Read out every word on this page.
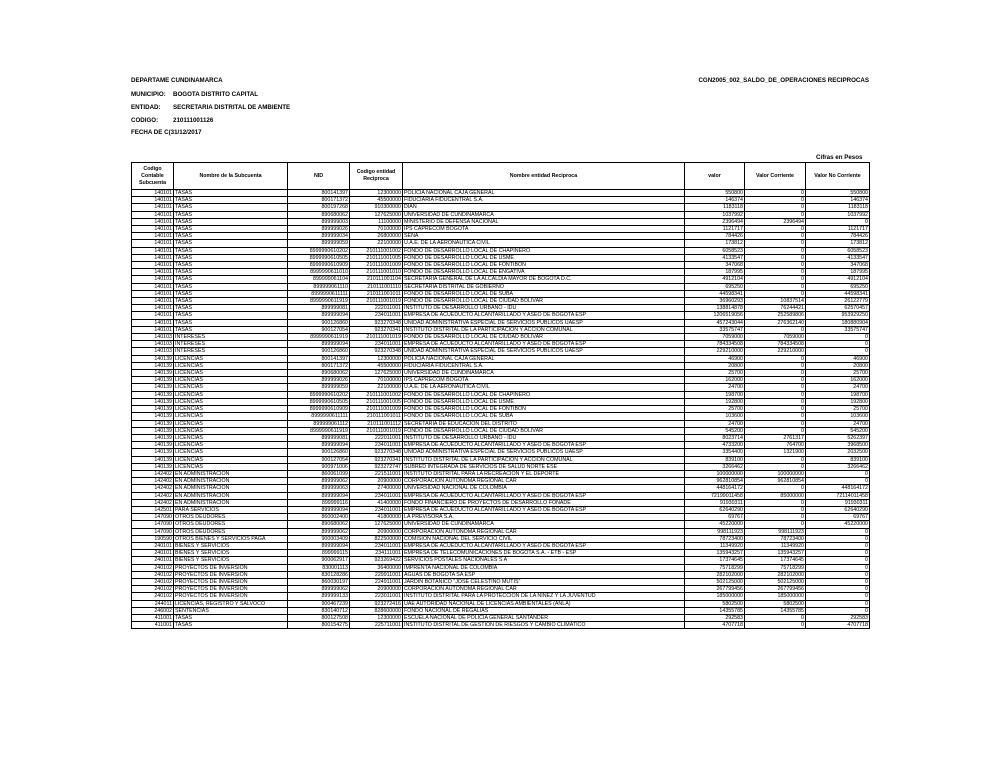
DEPARTAME CUNDINAMARCA	CGN2005_002_SALDO_DE_OPERACIONES RECIPROCAS
MUNICIPIO: BOGOTA DISTRITO CAPITAL
ENTIDAD: SECRETARIA DISTRITAL DE AMBIENTE
CODIGO: 210111001126
FECHA DE C(31/12/2017
Cifras en Pesos
Codigo Contable Subcuenta	Nombre de la Subcuenta	NID	Codigo entidad Reciproca	Nombre entidad Reciproca	valor	Valor Corriente	Valor No Corriente
140101	TASAS	800141397	12300000	POLICIA NACIONAL CAJA GENERAL	550800	0	550800
140101	TASAS	800171372	45500000	FIDUCIARIA FIDUCENTRAL S.A.	146374	0	146374
140101	TASAS	800197268	910300000	DIAN	1183118	0	1183118
140101	TASAS	890680062	127625000	UNIVERSIDAD DE CUNDINAMARCA	1037992	0	1037992
140101	TASAS	899999003	11100000	MINISTERIO DE DEFENSA NACIONAL	2396494	2396494	0
140101	TASAS	899999026	70100000	IPS CAPRECOM BOGOTA	1121717	0	1121717
140101	TASAS	899999034	26800000	SENA	784426	0	784426
140101	TASAS	899999059	22100000	U.A.E. DE LA AERONAUTICA CIVIL	173812	0	173812
140101	TASAS	8999990610202	210111001002	FONDO DE DESARROLLO LOCAL DE CHAPINERO	6058523	0	6058523
140101	TASAS	8999990610505	210111001005	FONDO DE DESARROLLO LOCAL DE USME	4133547	0	4133547
140101	TASAS	8999990610909	210111001009	FONDO DE DESARROLLO LOCAL DE FONTIBON	347068	0	347068
140101	TASAS	8999990611010	210111001010	FONDO DE DESARROLLO LOCAL DE ENGATIVA	187995	0	187995
140101	TASAS	899999061104	210111001104	SECRETARIA GENERAL DE LA ALCALDIA MAYOR DE BOGOTA D.C.	4912104	0	4912104
140101	TASAS	899999061110	210111001110	SECRETARIA DISTRITAL DE GOBIERNO	695250	0	695250
140101	TASAS	8999990611111	210111001011	FONDO DE DESARROLLO LOCAL DE SUBA	44598341	0	44598341
140101	TASAS	8999990611919	210111001019	FONDO DE DESARROLLO LOCAL DE CIUDAD BOLIVAR	36960293	10837514	26122779
140101	TASAS	899999081	222011001	INSTITUTO DE DESARROLLO URBANO - IDU	138814878	76244421	62570457
140101	TASAS	899999094	234011001	EMPRESA DE ACUEDUCTO ALCANTARILLADO Y ASEO DE BOGOTA ESP	1206519056	252589806	953929250
140101	TASAS	900126860	923270348	UNIDAD ADMINISTRATIVA ESPECIAL DE SERVICIOS PUBLICOS UAESP	457243044	276362140	180880904
140101	TASAS	900127054	923270341	INSTITUTO DISTRITAL DE LA PARTICIPACION Y ACCION COMUNAL	33575747	0	33575747
140103	INTERESES	8999990611919	210111001019	FONDO DE DESARROLLO LOCAL DE CIUDAD BOLIVAR	7059000	7059000	0
140103	INTERESES	899999094	234011001	EMPRESA DE ACUEDUCTO ALCANTARILLADO Y ASEO DE BOGOTA ESP	784334508	784334508	0
140103	INTERESES	900126860	923270348	UNIDAD ADMINISTRATIVA ESPECIAL DE SERVICIOS PUBLICOS UAESP	229210000	229210000	0
140139	LICENCIAS	800141397	12300000	POLICIA NACIONAL CAJA GENERAL	46900	0	46900
140139	LICENCIAS	800171372	45500000	FIDUCIARIA FIDUCENTRAL S.A.	20800	0	20800
140139	LICENCIAS	890680062	127625000	UNIVERSIDAD DE CUNDINAMARCA	25700	0	25700
140139	LICENCIAS	899999026	70100000	IPS CAPRECOM BOGOTA	162000	0	162000
140139	LICENCIAS	899999059	22100000	U.A.E. DE LA AERONAUTICA CIVIL	24700	0	24700
140139	LICENCIAS	8999990610202	210111001002	FONDO DE DESARROLLO LOCAL DE CHAPINERO	198700	0	198700
140139	LICENCIAS	8999990610505	210111001005	FONDO DE DESARROLLO LOCAL DE USME	192800	0	192800
140139	LICENCIAS	8999990610909	210111001009	FONDO DE DESARROLLO LOCAL DE FONTIBON	25700	0	25700
140139	LICENCIAS	8999990611111	210111001011	FONDO DE DESARROLLO LOCAL DE SUBA	103600	0	103600
140139	LICENCIAS	899999061112	210111001112	SECRETARIA DE EDUCACION DEL DISTRITO	24700	0	24700
140139	LICENCIAS	8999990611919	210111001019	FONDO DE DESARROLLO LOCAL DE CIUDAD BOLIVAR	545200	0	545200
140139	LICENCIAS	899999081	222011001	INSTITUTO DE DESARROLLO URBANO - IDU	8023714	2761317	5262397
140139	LICENCIAS	899999094	234011001	EMPRESA DE ACUEDUCTO ALCANTARILLADO Y ASEO DE BOGOTA ESP	4733200	764700	3968500
140139	LICENCIAS	900126860	923270348	UNIDAD ADMINISTRATIVA ESPECIAL DE SERVICIOS PUBLICOS UAESP	3354400	1321900	2032500
140139	LICENCIAS	900127054	923270341	INSTITUTO DISTRITAL DE LA PARTICIPACION Y ACCION COMUNAL	839100	0	839100
140139	LICENCIAS	900971006	923272747	SUBRED INTEGRADA DE SERVICIOS DE SALUD NORTE ESE	3266462	0	3266462
142402	EN ADMINISTRACION	860061099	221511001	INSTITUTO DISTRITAL PARA LA RECREACION Y EL DEPORTE	100000000	100000000	0
142402	EN ADMINISTRACION	899999062	20900000	CORPORACION AUTONOMA REGIONAL CAR	962810854	962810854	0
142402	EN ADMINISTRACION	899999063	27400000	UNIVERSIDAD NACIONAL DE COLOMBIA	448164172	0	448164172
142402	EN ADMINISTRACION	899999094	234011001	EMPRESA DE ACUEDUCTO ALCANTARILLADO Y ASEO DE BOGOTA ESP	72199011458	85000000	72114011458
142402	EN ADMINISTRACION	899999116	41400000	FONDO FINANCIERO DE PROYECTOS DE DESARROLLO FONADE	91930311	0	91930311
142501	PARA SERVICIOS	899999094	234011001	EMPRESA DE ACUEDUCTO ALCANTARILLADO Y ASEO DE BOGOTA ESP	62640290	0	62640290
147090	OTROS DEUDORES	860002400	41800000	LA PREVISORA S.A.	69767	0	69767
147090	OTROS DEUDORES	890680062	127625000	UNIVERSIDAD DE CUNDINAMARCA	45220000	0	45220000
147090	OTROS DEUDORES	899999062	20900000	CORPORACION AUTONOMA REGIONAL CAR	998111923	998111923	0
190590	OTROS BIENES Y SERVICIOS PAGA	900003409	822500000	COMISION NACIONAL DEL SERVICIO CIVIL	78723400	78723400	0
240101	BIENES Y SERVICIOS	899999094	234011001	EMPRESA DE ACUEDUCTO ALCANTARILLADO Y ASEO DE BOGOTA ESP	11349920	11349920	0
240101	BIENES Y SERVICIOS	899999115	234111001	EMPRESA DE TELECOMUNICACIONES DE BOGOTA S.A. - ETB - ESP	135943257	135943257	0
240101	BIENES Y SERVICIOS	900062917	923269422	SERVICIOS POSTALES NACIONALES S A	17374645	17374645	0
240102	PROYECTOS DE INVERSION	830001113	36400000	IMPRENTA NACIONAL DE COLOMBIA	75718299	75718299	0
240102	PROYECTOS DE INVERSION	830128286	229911001	AGUAS DE BOGOTA SA ESP	282102000	282102000	0
240102	PROYECTOS DE INVERSION	860030197	224911001	JARDIN BOTANICO "JOSE CELESTINO MUTIS"	502125000	502125000	0
240102	PROYECTOS DE INVERSION	899999062	20900000	CORPORACION AUTONOMA REGIONAL CAR	267799456	267799456	0
240102	PROYECTOS DE INVERSION	899999133	223011001	INSTITUTO DISTRITAL PARA LA PROTECCION DE LA NIÑEZ Y LA JUVENTUD	185000000	185000000	0
244011	LICENCIAS, REGISTRO Y SALVOCO	900467239	923272416	UAE AUTORIDAD NACIONAL DE LICENCIAS AMBIENTALES (ANLA)	5802500	5802500	0
246002	SENTENCIAS	830140712	828600000	FONDO NACIONAL DE REGALIAS	14355785	14355785	0
411001	TASAS	800127508	12300000	ESCUELA NACIONAL DE POLICIA GENERAL SANTANDER	292583	0	292583
411001	TASAS	800154275	225711001	INSTITUTO DISTRITAL DE GESTION DE RIESGOS Y CAMBIO CLIMATICO	4707718	0	4707718
